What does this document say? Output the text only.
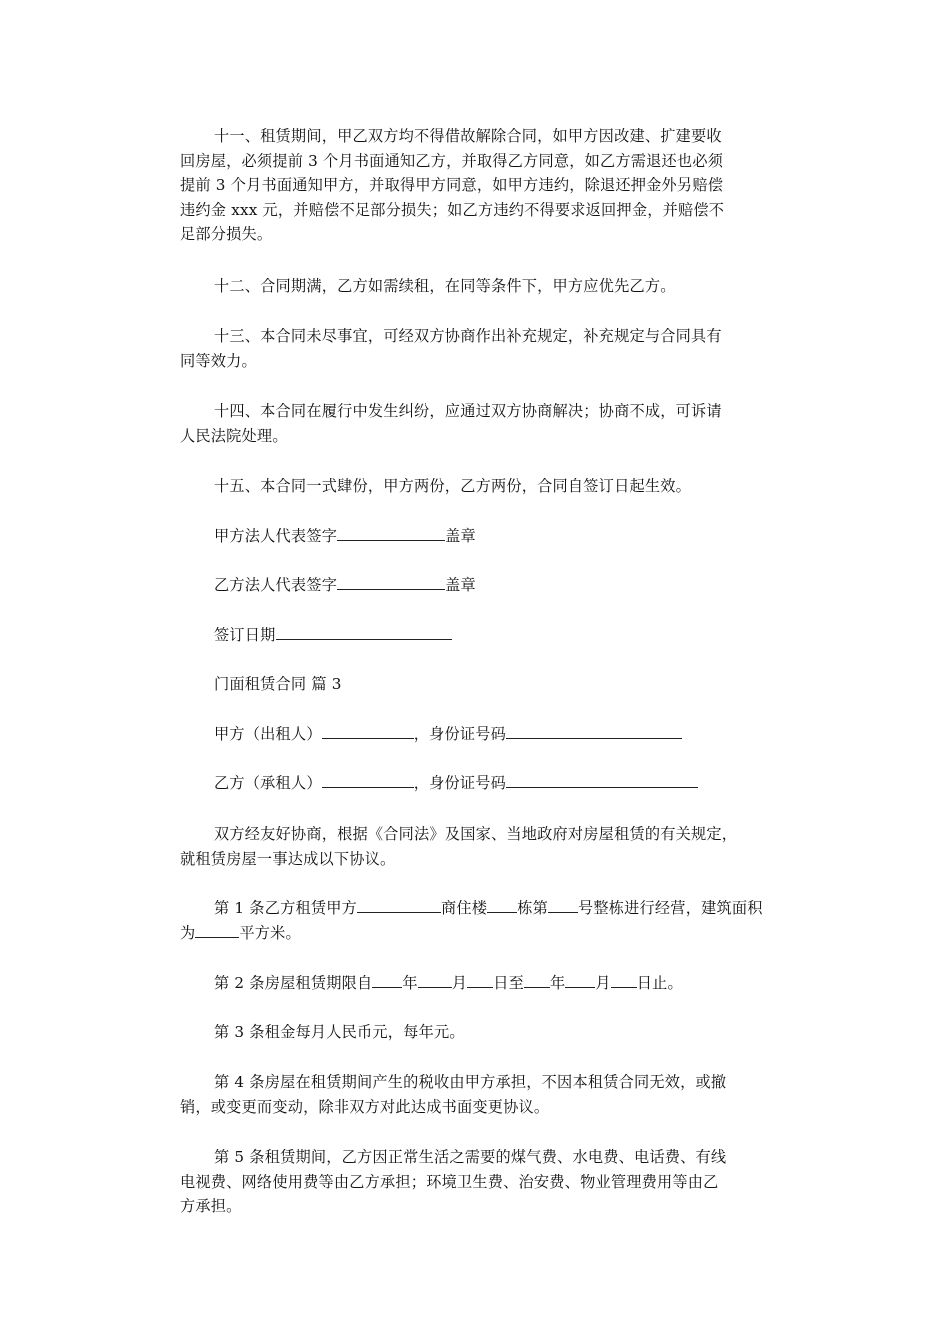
十一、租赁期间，甲乙双方均不得借故解除合同，如甲方因改建、扩建要收
回房屋，必须提前 3 个月书面通知乙方，并取得乙方同意，如乙方需退还也必须
提前 3 个月书面通知甲方，并取得甲方同意，如甲方违约，除退还押金外另赔偿
违约金 xxx 元，并赔偿不足部分损失；如乙方违约不得要求返回押金，并赔偿不
足部分损失。
十二、合同期满，乙方如需续租，在同等条件下，甲方应优先乙方。
十三、本合同未尽事宜，可经双方协商作出补充规定，补充规定与合同具有
同等效力。
十四、本合同在履行中发生纠纷，应通过双方协商解决；协商不成，可诉请
人民法院处理。
十五、本合同一式肆份，甲方两份，乙方两份，合同自签订日起生效。
甲方法人代表签字	盖章
乙方法人代表签字	盖章
签订日期
门面租赁合同 篇 3
甲方（出租人）	，身份证号码
乙方（承租人）	，身份证号码
双方经友好协商，根据《合同法》及国家、当地政府对房屋租赁的有关规定，
就租赁房屋一事达成以下协议。
第 1 条乙方租赁甲方	商住楼 栋第 号整栋进行经营，建筑面积
为	平方米。
第 2 条房屋租赁期限自 年 月 日至 年 月 日止。
第 3 条租金每月人民币元，每年元。
第 4 条房屋在租赁期间产生的税收由甲方承担，不因本租赁合同无效，或撤
销，或变更而变动，除非双方对此达成书面变更协议。
第 5 条租赁期间，乙方因正常生活之需要的煤气费、水电费、电话费、有线
电视费、网络使用费等由乙方承担；环境卫生费、治安费、物业管理费用等由乙
方承担。
